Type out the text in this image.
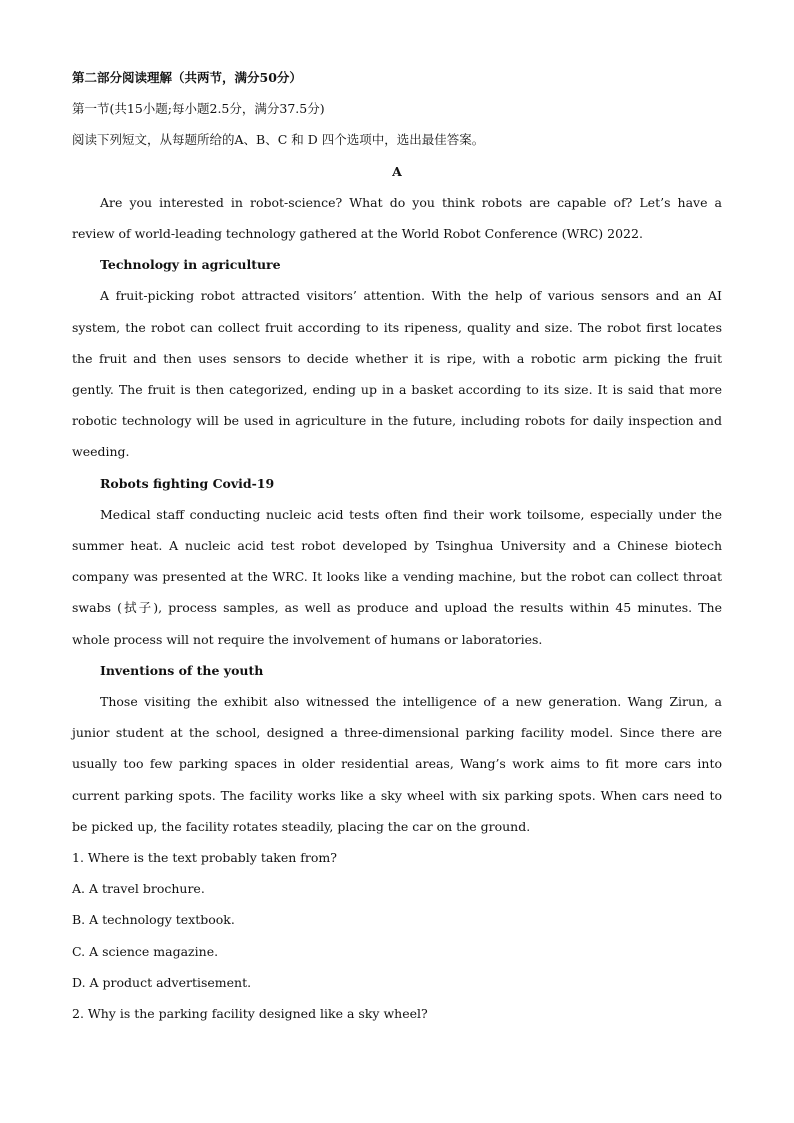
第二部分阅读理解（共两节，满分50分）
第一节(共15小题;每小题2.5分，满分37.5分)
阅读下列短文，从每题所给的A、B、C 和 D 四个选项中，选出最佳答案。
A

Are you interested in robot-science? What do you think robots are capable of? Let’s have a review of world-leading technology gathered at the World Robot Conference (WRC) 2022.

Technology in agriculture

A fruit-picking robot attracted visitors’ attention. With the help of various sensors and an AI system, the robot can collect fruit according to its ripeness, quality and size. The robot first locates the fruit and then uses sensors to decide whether it is ripe, with a robotic arm picking the fruit gently. The fruit is then categorized, ending up in a basket according to its size. It is said that more robotic technology will be used in agriculture in the future, including robots for daily inspection and weeding.

Robots fighting Covid-19

Medical staff conducting nucleic acid tests often find their work toilsome, especially under the summer heat. A nucleic acid test robot developed by Tsinghua University and a Chinese biotech company was presented at the WRC. It looks like a vending machine, but the robot can collect throat swabs (拭子), process samples, as well as produce and upload the results within 45 minutes. The whole process will not require the involvement of humans or laboratories.

Inventions of the youth

Those visiting the exhibit also witnessed the intelligence of a new generation. Wang Zirun, a junior student at the school, designed a three-dimensional parking facility model. Since there are usually too few parking spaces in older residential areas, Wang’s work aims to fit more cars into current parking spots. The facility works like a sky wheel with six parking spots. When cars need to be picked up, the facility rotates steadily, placing the car on the ground.

1. Where is the text probably taken from?
A. A travel brochure.
B. A technology textbook.
C. A science magazine.
D. A product advertisement.
2. Why is the parking facility designed like a sky wheel?
